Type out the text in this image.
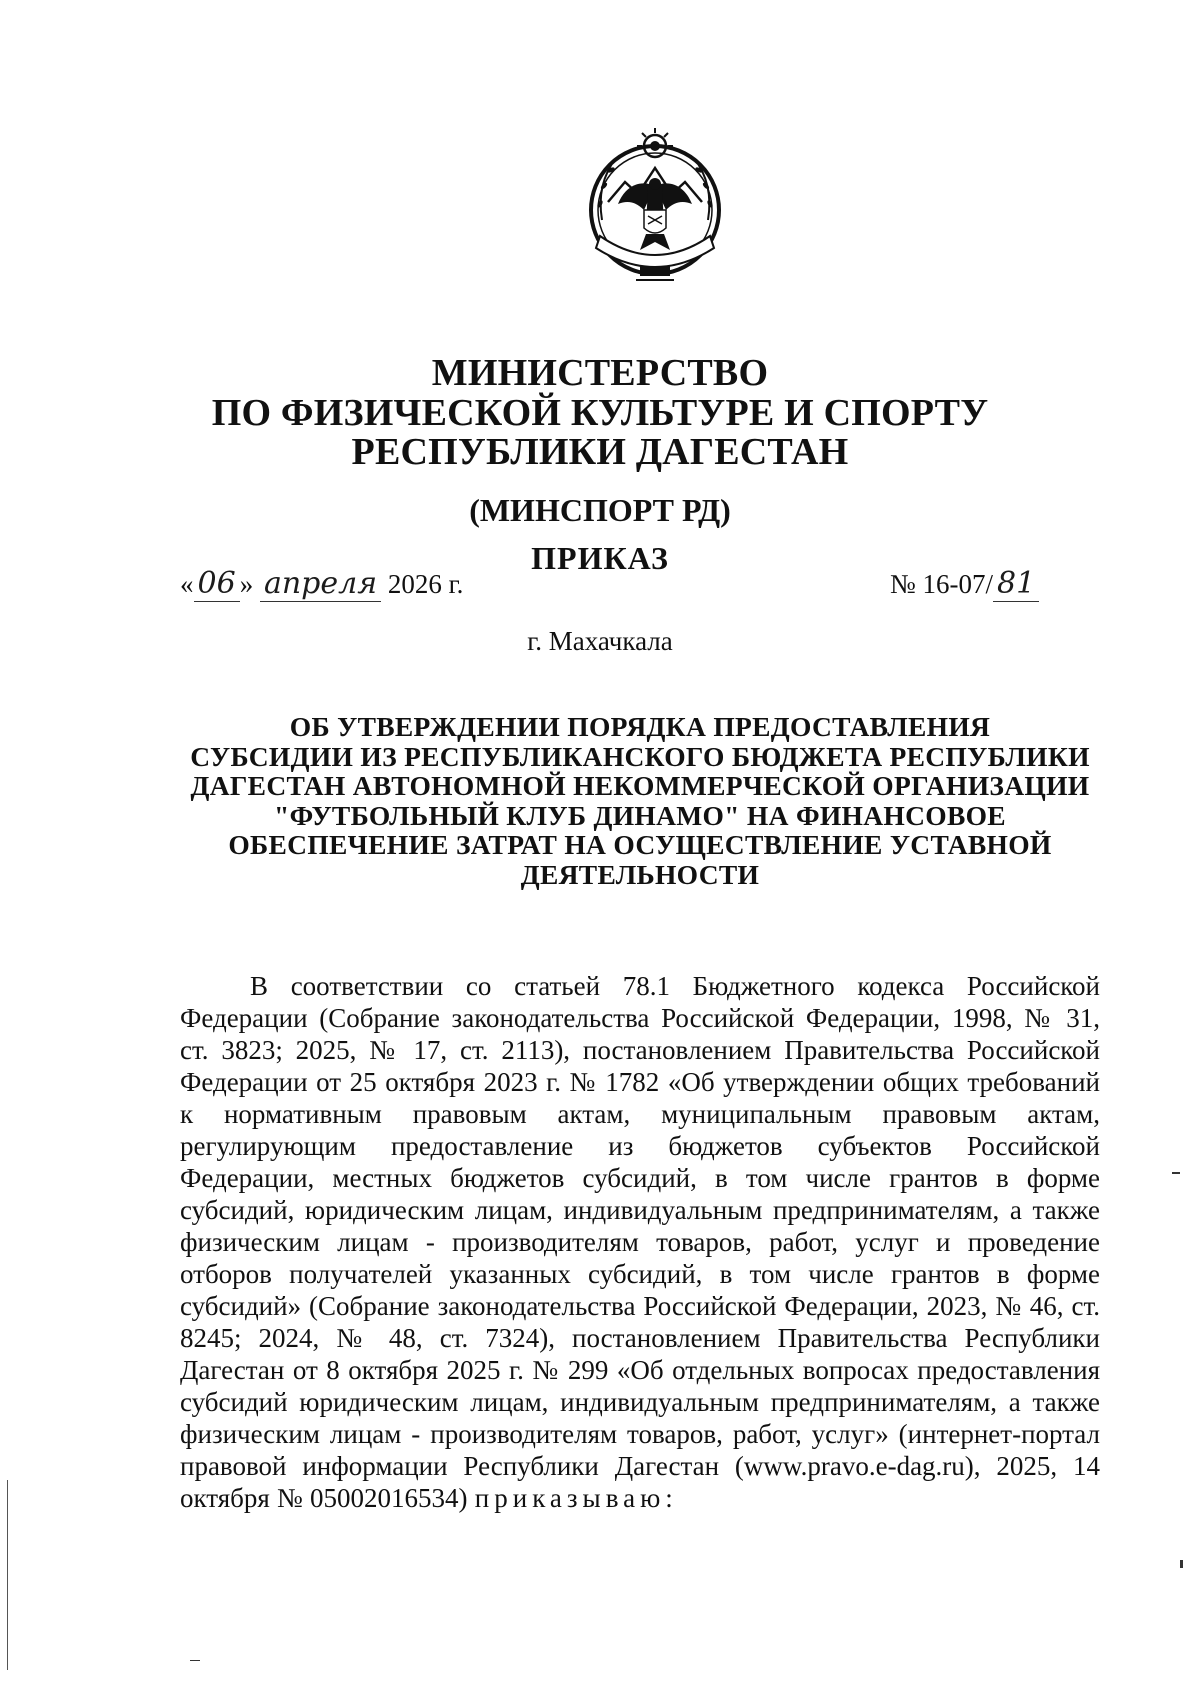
МИНИСТЕРСТВО
ПО ФИЗИЧЕСКОЙ КУЛЬТУРЕ И СПОРТУ
РЕСПУБЛИКИ ДАГЕСТАН
(МИНСПОРТ РД)
ПРИКАЗ
« 06 » апреля 2026 г.	№ 16-07/ 81
г. Махачкала
ОБ УТВЕРЖДЕНИИ ПОРЯДКА ПРЕДОСТАВЛЕНИЯ
СУБСИДИИ ИЗ РЕСПУБЛИКАНСКОГО БЮДЖЕТА РЕСПУБЛИКИ
ДАГЕСТАН АВТОНОМНОЙ НЕКОММЕРЧЕСКОЙ ОРГАНИЗАЦИИ
"ФУТБОЛЬНЫЙ КЛУБ ДИНАМО" НА ФИНАНСОВОЕ
ОБЕСПЕЧЕНИЕ ЗАТРАТ НА ОСУЩЕСТВЛЕНИЕ УСТАВНОЙ
ДЕЯТЕЛЬНОСТИ
В соответствии со статьей 78.1 Бюджетного кодекса Российской Федерации (Собрание законодательства Российской Федерации, 1998, № 31, ст. 3823; 2025, № 17, ст. 2113), постановлением Правительства Российской Федерации от 25 октября 2023 г. № 1782 «Об утверждении общих требований к нормативным правовым актам, муниципальным правовым актам, регулирующим предоставление из бюджетов субъектов Российской Федерации, местных бюджетов субсидий, в том числе грантов в форме субсидий, юридическим лицам, индивидуальным предпринимателям, а также физическим лицам - производителям товаров, работ, услуг и проведение отборов получателей указанных субсидий, в том числе грантов в форме субсидий» (Собрание законодательства Российской Федерации, 2023, № 46, ст. 8245; 2024, № 48, ст. 7324), постановлением Правительства Республики Дагестан от 8 октября 2025 г. № 299 «Об отдельных вопросах предоставления субсидий юридическим лицам, индивидуальным предпринимателям, а также физическим лицам - производителям товаров, работ, услуг» (интернет-портал правовой информации Республики Дагестан (www.pravo.e-dag.ru), 2025, 14 октября № 05002016534) приказываю:
